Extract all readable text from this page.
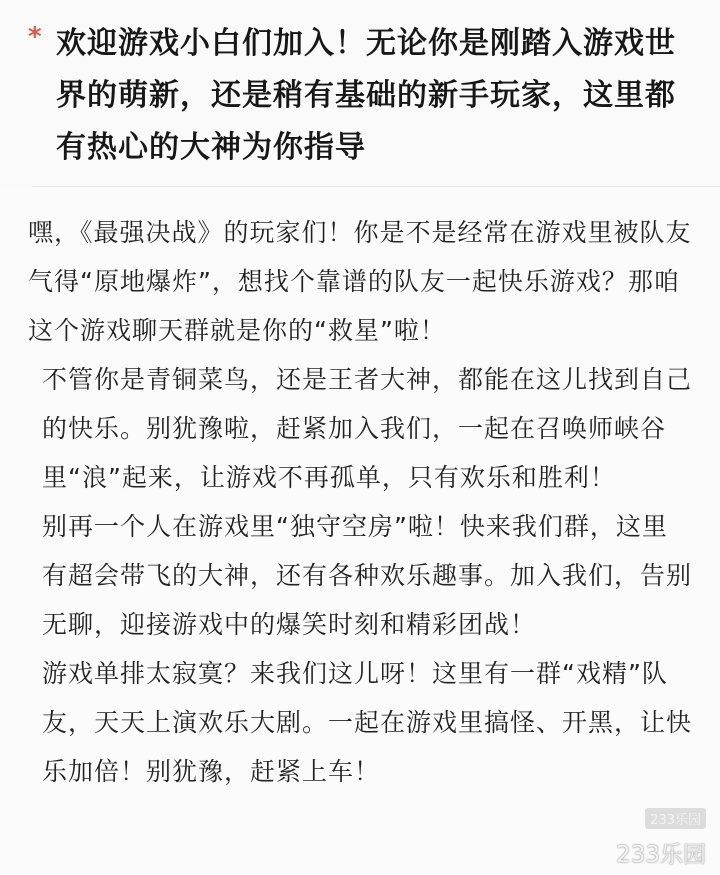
* 欢迎游戏小白们加入！无论你是刚踏入游戏世界的萌新，还是稍有基础的新手玩家，这里都有热心的大神为你指导

嘿，《最强决战》的玩家们！你是不是经常在游戏里被队友气得“原地爆炸”，想找个靠谱的队友一起快乐游戏？那咱这个游戏聊天群就是你的“救星”啦！

不管你是青铜菜鸟，还是王者大神，都能在这儿找到自己的快乐。别犹豫啦，赶紧加入我们，一起在召唤师峡谷里“浪”起来，让游戏不再孤单，只有欢乐和胜利！

别再一个人在游戏里“独守空房”啦！快来我们群，这里有超会带飞的大神，还有各种欢乐趣事。加入我们，告别无聊，迎接游戏中的爆笑时刻和精彩团战！

游戏单排太寂寞？来我们这儿呀！这里有一群“戏精”队友，天天上演欢乐大剧。一起在游戏里搞怪、开黑，让快乐加倍！别犹豫，赶紧上车！

233乐园
233乐园
